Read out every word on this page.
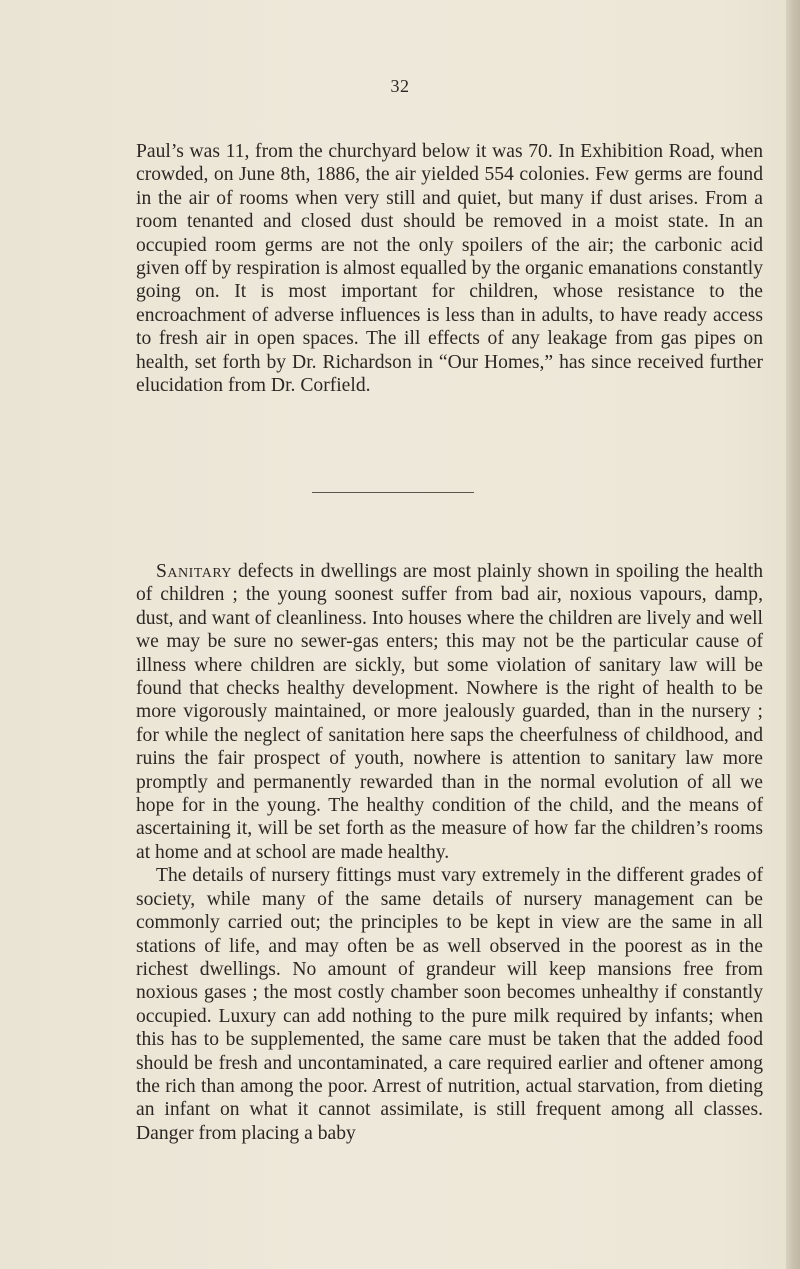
32

Paul’s was 11, from the churchyard below it was 70. In Exhibition Road, when crowded, on June 8th, 1886, the air yielded 554 colonies. Few germs are found in the air of rooms when very still and quiet, but many if dust arises. From a room tenanted and closed dust should be removed in a moist state. In an occupied room germs are not the only spoilers of the air; the carbonic acid given off by respiration is almost equalled by the organic emanations constantly going on. It is most important for children, whose resistance to the encroachment of adverse influences is less than in adults, to have ready access to fresh air in open spaces. The ill effects of any leakage from gas pipes on health, set forth by Dr. Richardson in “Our Homes,” has since received further elucidation from Dr. Corfield.

Sanitary defects in dwellings are most plainly shown in spoiling the health of children ; the young soonest suffer from bad air, noxious vapours, damp, dust, and want of cleanliness. Into houses where the children are lively and well we may be sure no sewer-gas enters; this may not be the particular cause of illness where children are sickly, but some violation of sanitary law will be found that checks healthy development. Nowhere is the right of health to be more vigorously maintained, or more jealously guarded, than in the nursery ; for while the neglect of sanitation here saps the cheerfulness of childhood, and ruins the fair prospect of youth, nowhere is attention to sanitary law more promptly and permanently rewarded than in the normal evolution of all we hope for in the young. The healthy condition of the child, and the means of ascertaining it, will be set forth as the measure of how far the children’s rooms at home and at school are made healthy.

The details of nursery fittings must vary extremely in the different grades of society, while many of the same details of nursery management can be commonly carried out; the principles to be kept in view are the same in all stations of life, and may often be as well observed in the poorest as in the richest dwellings. No amount of grandeur will keep mansions free from noxious gases ; the most costly chamber soon becomes unhealthy if constantly occupied. Luxury can add nothing to the pure milk required by infants; when this has to be supplemented, the same care must be taken that the added food should be fresh and uncontaminated, a care required earlier and oftener among the rich than among the poor. Arrest of nutrition, actual starvation, from dieting an infant on what it cannot assimilate, is still frequent among all classes. Danger from placing a baby
